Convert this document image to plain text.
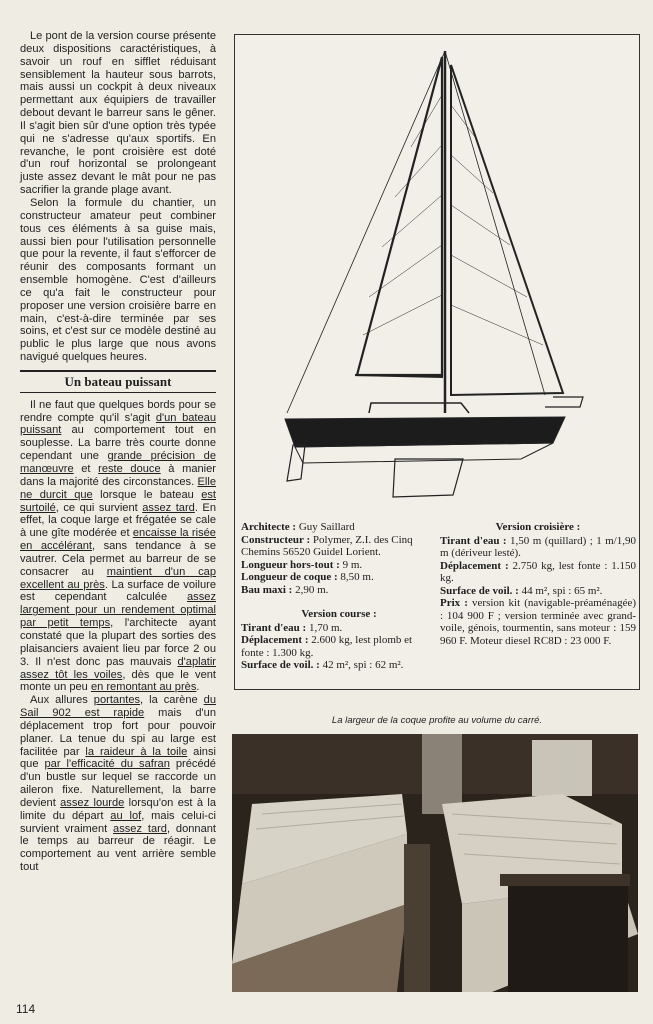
Le pont de la version course présente deux dispositions caractéristiques, à savoir un rouf en sifflet réduisant sensiblement la hauteur sous barrots, mais aussi un cockpit à deux niveaux permettant aux équipiers de travailler debout devant le barreur sans le gêner. Il s'agit bien sûr d'une option très typée qui ne s'adresse qu'aux sportifs. En revanche, le pont croisière est doté d'un rouf horizontal se prolongeant juste assez devant le mât pour ne pas sacrifier la grande plage avant.

Selon la formule du chantier, un constructeur amateur peut combiner tous ces éléments à sa guise mais, aussi bien pour l'utilisation personnelle que pour la revente, il faut s'efforcer de réunir des composants formant un ensemble homogène. C'est d'ailleurs ce qu'a fait le constructeur pour proposer une version croisière barre en main, c'est-à-dire terminée par ses soins, et c'est sur ce modèle destiné au public le plus large que nous avons navigué quelques heures.

Un bateau puissant

Il ne faut que quelques bords pour se rendre compte qu'il s'agit d'un bateau puissant au comportement tout en souplesse. La barre très courte donne cependant une grande précision de manœuvre et reste douce à manier dans la majorité des circonstances. Elle ne durcit que lorsque le bateau est surtoilé, ce qui survient assez tard. En effet, la coque large et frégatée se cale à une gîte modérée et encaisse la risée en accélérant, sans tendance à se vautrer. Cela permet au barreur de se consacrer au maintient d'un cap excellent au près. La surface de voilure est cependant calculée assez largement pour un rendement optimal par petit temps, l'architecte ayant constaté que la plupart des sorties des plaisanciers avaient lieu par force 2 ou 3. Il n'est donc pas mauvais d'aplatir assez tôt les voiles, dès que le vent monte un peu en remontant au près.

Aux allures portantes, la carène du Sail 902 est rapide mais d'un déplacement trop fort pour pouvoir planer. La tenue du spi au large est facilitée par la raideur à la toile ainsi que par l'efficacité du safran précédé d'un bustle sur lequel se raccorde un aileron fixe. Naturellement, la barre devient assez lourde lorsqu'on est à la limite du départ au lof, mais celui-ci survient vraiment assez tard, donnant le temps au barreur de réagir. Le comportement au vent arrière semble tout

114
Architecte : Guy Saillard
Constructeur : Polymer, Z.I. des Cinq Chemins 56520 Guidel Lorient.
Longueur hors-tout : 9 m.
Longueur de coque : 8,50 m.
Bau maxi : 2,90 m.
Version course :
Tirant d'eau : 1,70 m.
Déplacement : 2.600 kg, lest plomb et fonte : 1.300 kg.
Surface de voil. : 42 m², spi : 62 m².
Version croisière :
Tirant d'eau : 1,50 m (quillard) ; 1 m/1,90 m (dériveur lesté).
Déplacement : 2.750 kg, lest fonte : 1.150 kg.
Surface de voil. : 44 m², spi : 65 m².
Prix : version kit (navigable-préaménagée) : 104 900 F ; version terminée avec grand-voile, génois, tourmentin, sans moteur : 159 960 F. Moteur diesel RC8D : 23 000 F.
La largeur de la coque profite au volume du carré.
